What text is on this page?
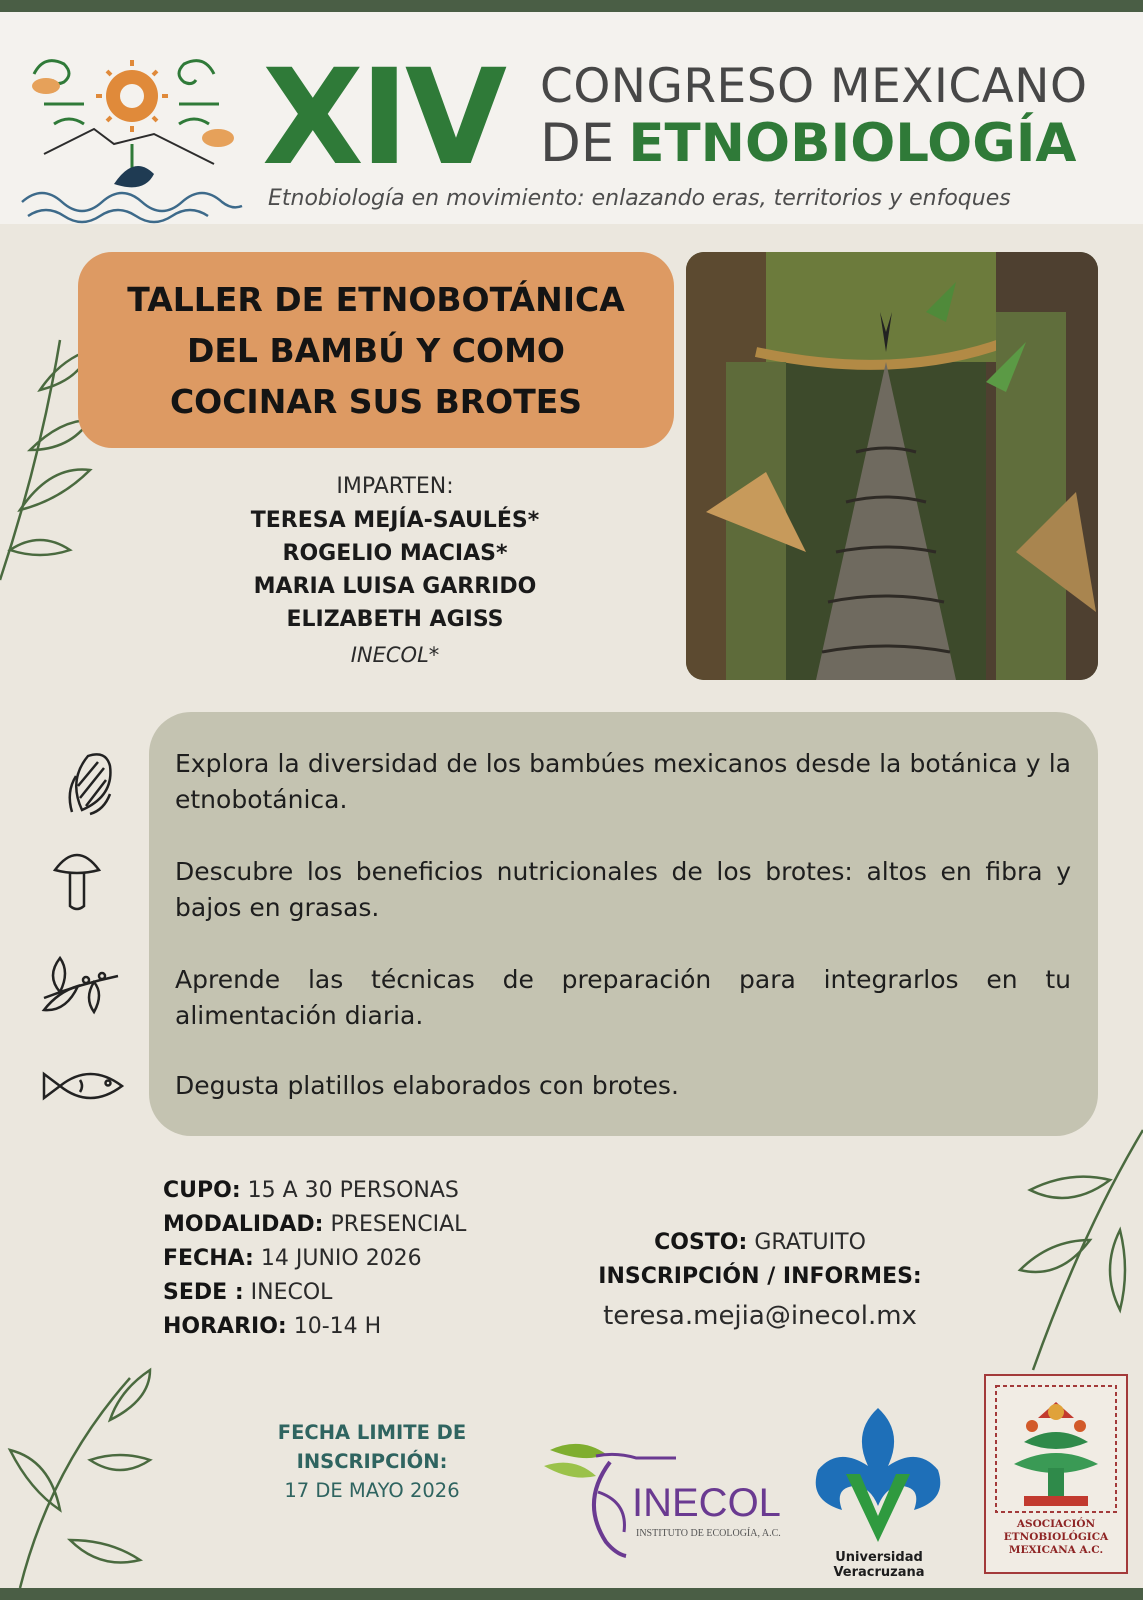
XIV CONGRESO MEXICANO
DE ETNOBIOLOGÍA
Etnobiología en movimiento: enlazando eras, territorios y enfoques
TALLER DE ETNOBOTÁNICA
DEL BAMBÚ Y COMO
COCINAR SUS BROTES
IMPARTEN:
TERESA MEJÍA-SAULÉS*
ROGELIO MACIAS*
MARIA LUISA GARRIDO
ELIZABETH AGISS
INECOL*
Explora la diversidad de los bambúes mexicanos desde la botánica y la etnobotánica.
Descubre los beneficios nutricionales de los brotes: altos en fibra y bajos en grasas.
Aprende las técnicas de preparación para integrarlos en tu alimentación diaria.
Degusta platillos elaborados con brotes.
CUPO: 15 A 30 PERSONAS
MODALIDAD: PRESENCIAL
FECHA: 14 JUNIO 2026
SEDE : INECOL
HORARIO: 10-14 H
COSTO: GRATUITO
INSCRIPCIÓN / INFORMES:
teresa.mejia@inecol.mx
FECHA LIMITE DE
INSCRIPCIÓN:
17 DE MAYO 2026	INECOL
INSTITUTO DE ECOLOGÍA, A.C.
Universidad Veracruzana
ASOCIACIÓN
ETNOBIOLÓGICA
MEXICANA A.C.
